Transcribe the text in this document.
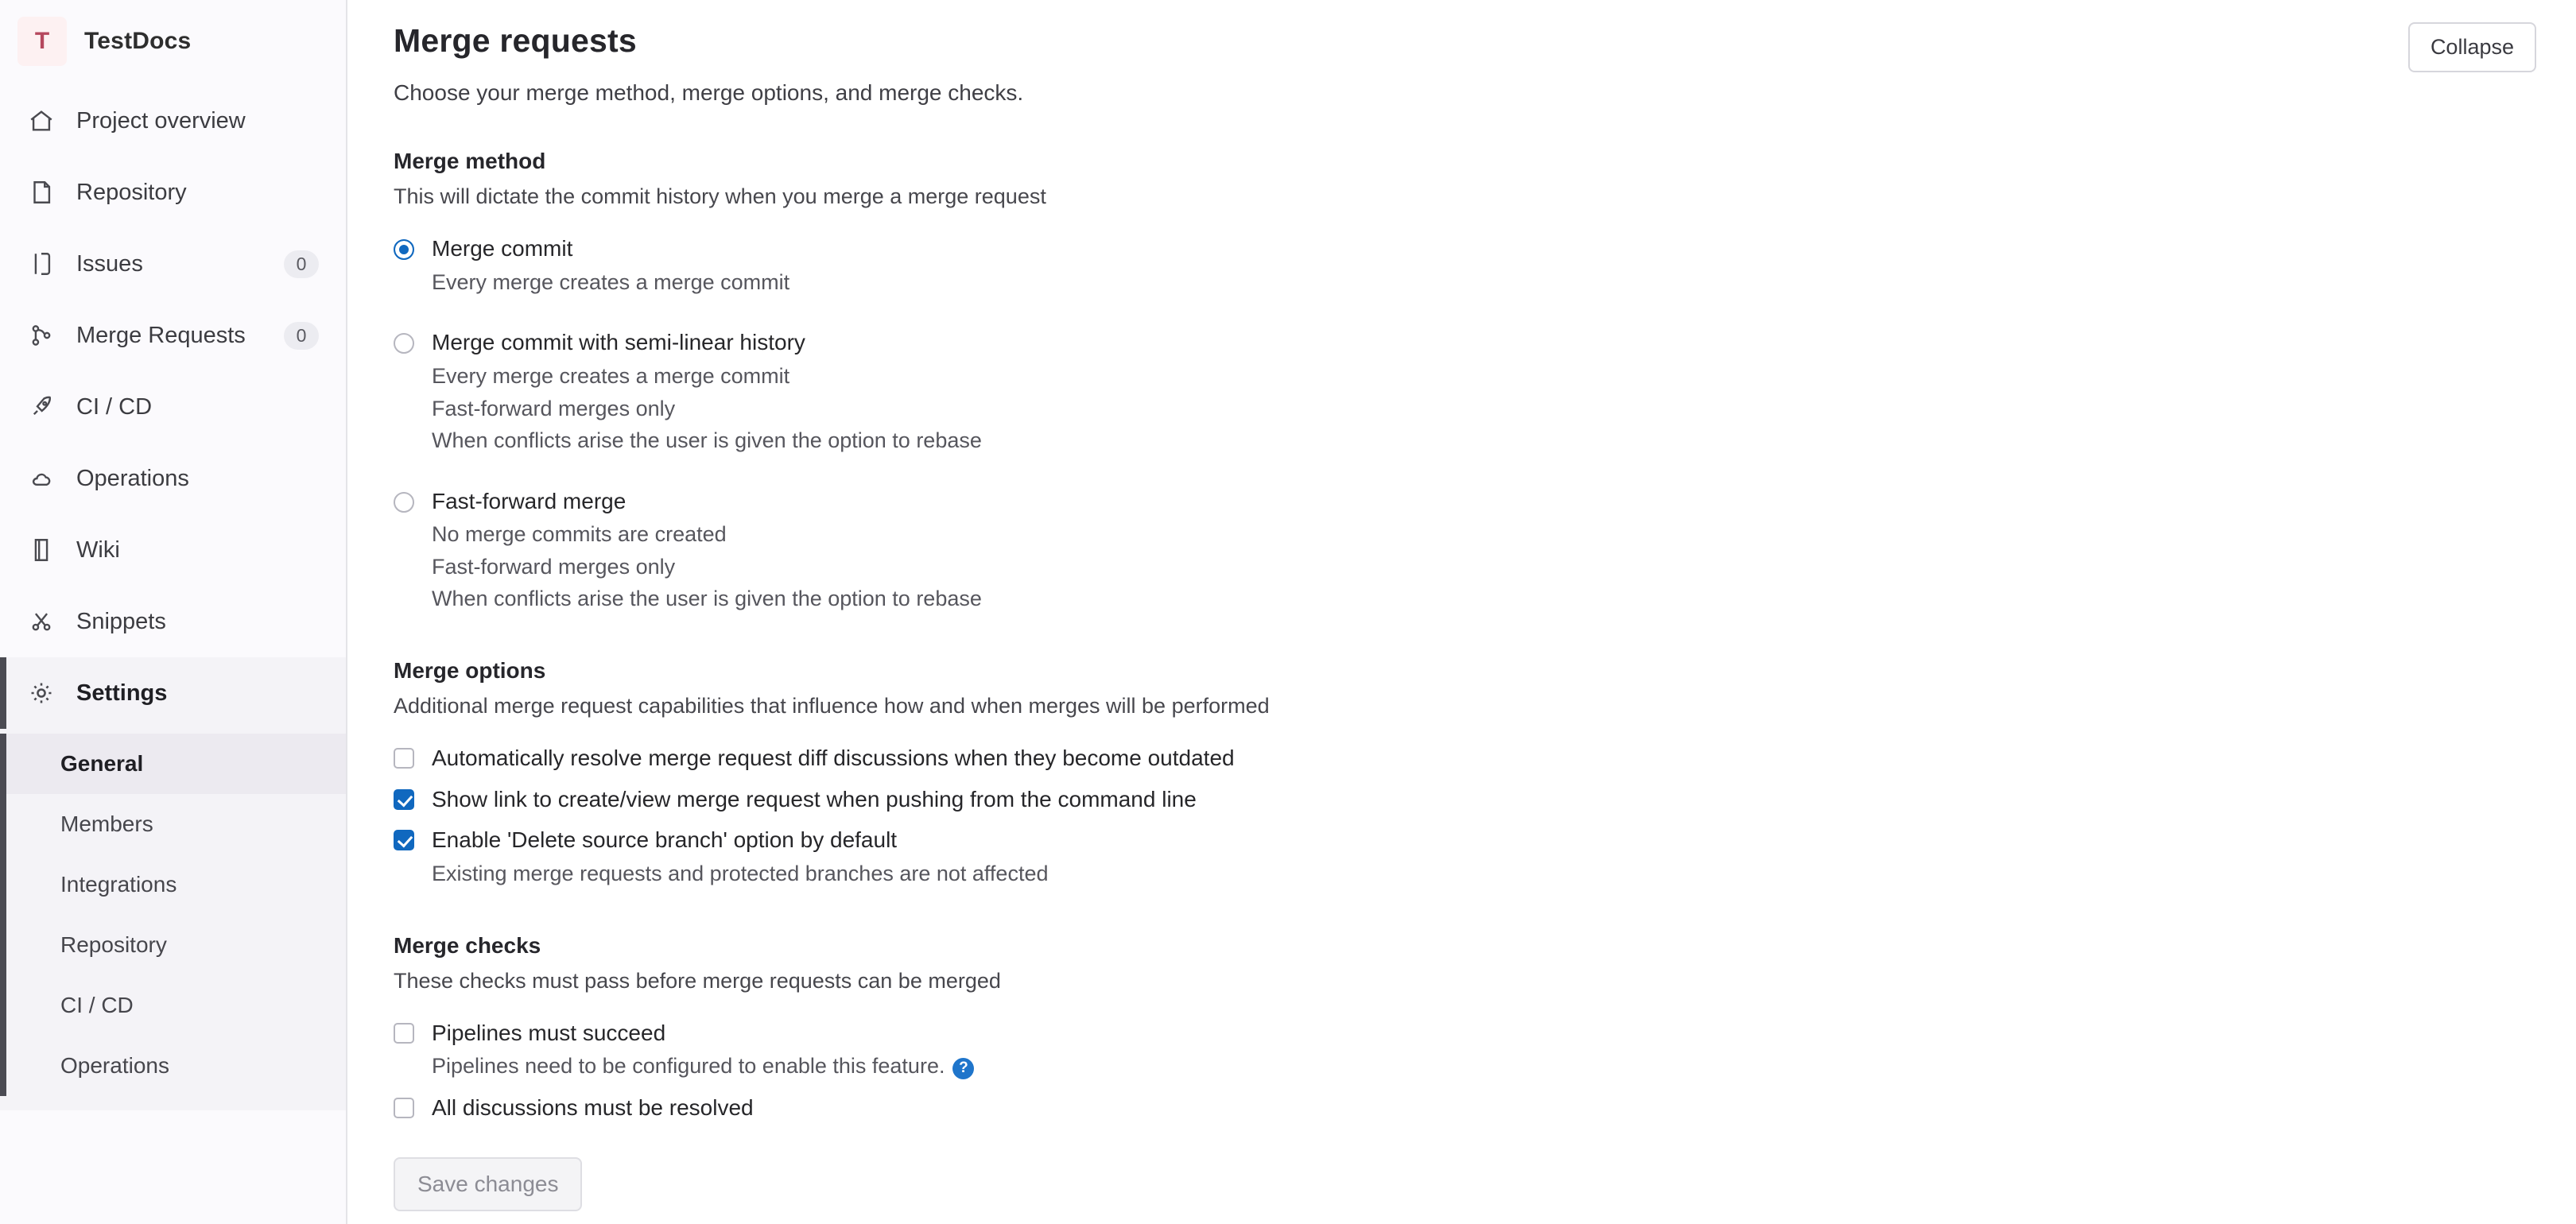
T	TestDocs
Project overview
Repository
Issues	0
Merge Requests	0
CI / CD
Operations
Wiki
Snippets
Settings
General
Members
Integrations
Repository
CI / CD
Operations
Collapse
Merge requests
Choose your merge method, merge options, and merge checks.
Merge method
This will dictate the commit history when you merge a merge request
Merge commit
Every merge creates a merge commit
Merge commit with semi-linear history
Every merge creates a merge commit
Fast-forward merges only
When conflicts arise the user is given the option to rebase
Fast-forward merge
No merge commits are created
Fast-forward merges only
When conflicts arise the user is given the option to rebase
Merge options
Additional merge request capabilities that influence how and when merges will be performed
Automatically resolve merge request diff discussions when they become outdated
Show link to create/view merge request when pushing from the command line
Enable 'Delete source branch' option by default
Existing merge requests and protected branches are not affected
Merge checks
These checks must pass before merge requests can be merged
Pipelines must succeed
Pipelines need to be configured to enable this feature. ?
All discussions must be resolved
Save changes
